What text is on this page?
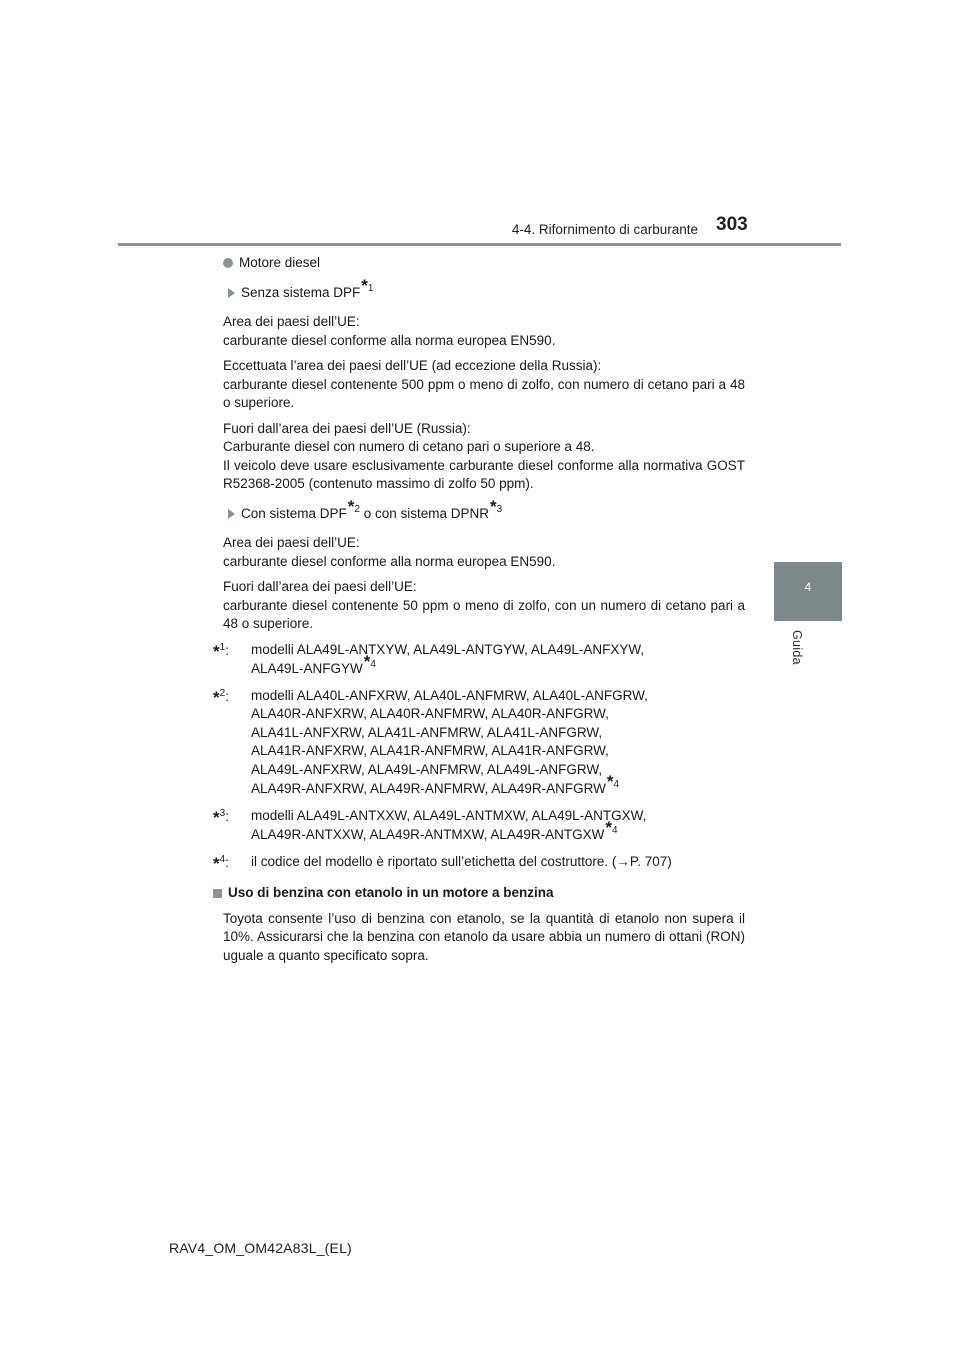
4-4. Rifornimento di carburante 303
4
Guida
Motore diesel
Senza sistema DPF$^{*1}$

Area dei paesi dell’UE:
carburante diesel conforme alla norma europea EN590.

Eccettuata l’area dei paesi dell’UE (ad eccezione della Russia):
carburante diesel contenente 500 ppm o meno di zolfo, con numero di cetano pari a 48 o superiore.

Fuori dall’area dei paesi dell’UE (Russia):
Carburante diesel con numero di cetano pari o superiore a 48.
Il veicolo deve usare esclusivamente carburante diesel conforme alla normativa GOST R52368-2005 (contenuto massimo di zolfo 50 ppm).

Con sistema DPF$^{*2}$ o con sistema DPNR$^{*3}$

Area dei paesi dell’UE:
carburante diesel conforme alla norma europea EN590.

Fuori dall’area dei paesi dell’UE:
carburante diesel contenente 50 ppm o meno di zolfo, con un numero di cetano pari a 48 o superiore.

*$^1$:	modelli ALA49L-ANTXYW, ALA49L-ANTGYW, ALA49L-ANFXYW,
ALA49L-ANFGYW$^{*4}$
*$^2$:	modelli ALA40L-ANFXRW, ALA40L-ANFMRW, ALA40L-ANFGRW,
ALA40R-ANFXRW, ALA40R-ANFMRW, ALA40R-ANFGRW,
ALA41L-ANFXRW, ALA41L-ANFMRW, ALA41L-ANFGRW,
ALA41R-ANFXRW, ALA41R-ANFMRW, ALA41R-ANFGRW,
ALA49L-ANFXRW, ALA49L-ANFMRW, ALA49L-ANFGRW,
ALA49R-ANFXRW, ALA49R-ANFMRW, ALA49R-ANFGRW$^{*4}$
*$^3$:	modelli ALA49L-ANTXXW, ALA49L-ANTMXW, ALA49L-ANTGXW,
ALA49R-ANTXXW, ALA49R-ANTMXW, ALA49R-ANTGXW$^{*4}$
*$^4$:	il codice del modello è riportato sull’etichetta del costruttore. (→P. 707)
Uso di benzina con etanolo in un motore a benzina

Toyota consente l’uso di benzina con etanolo, se la quantità di etanolo non supera il 10%. Assicurarsi che la benzina con etanolo da usare abbia un numero di ottani (RON) uguale a quanto specificato sopra.

RAV4_OM_OM42A83L_(EL)
